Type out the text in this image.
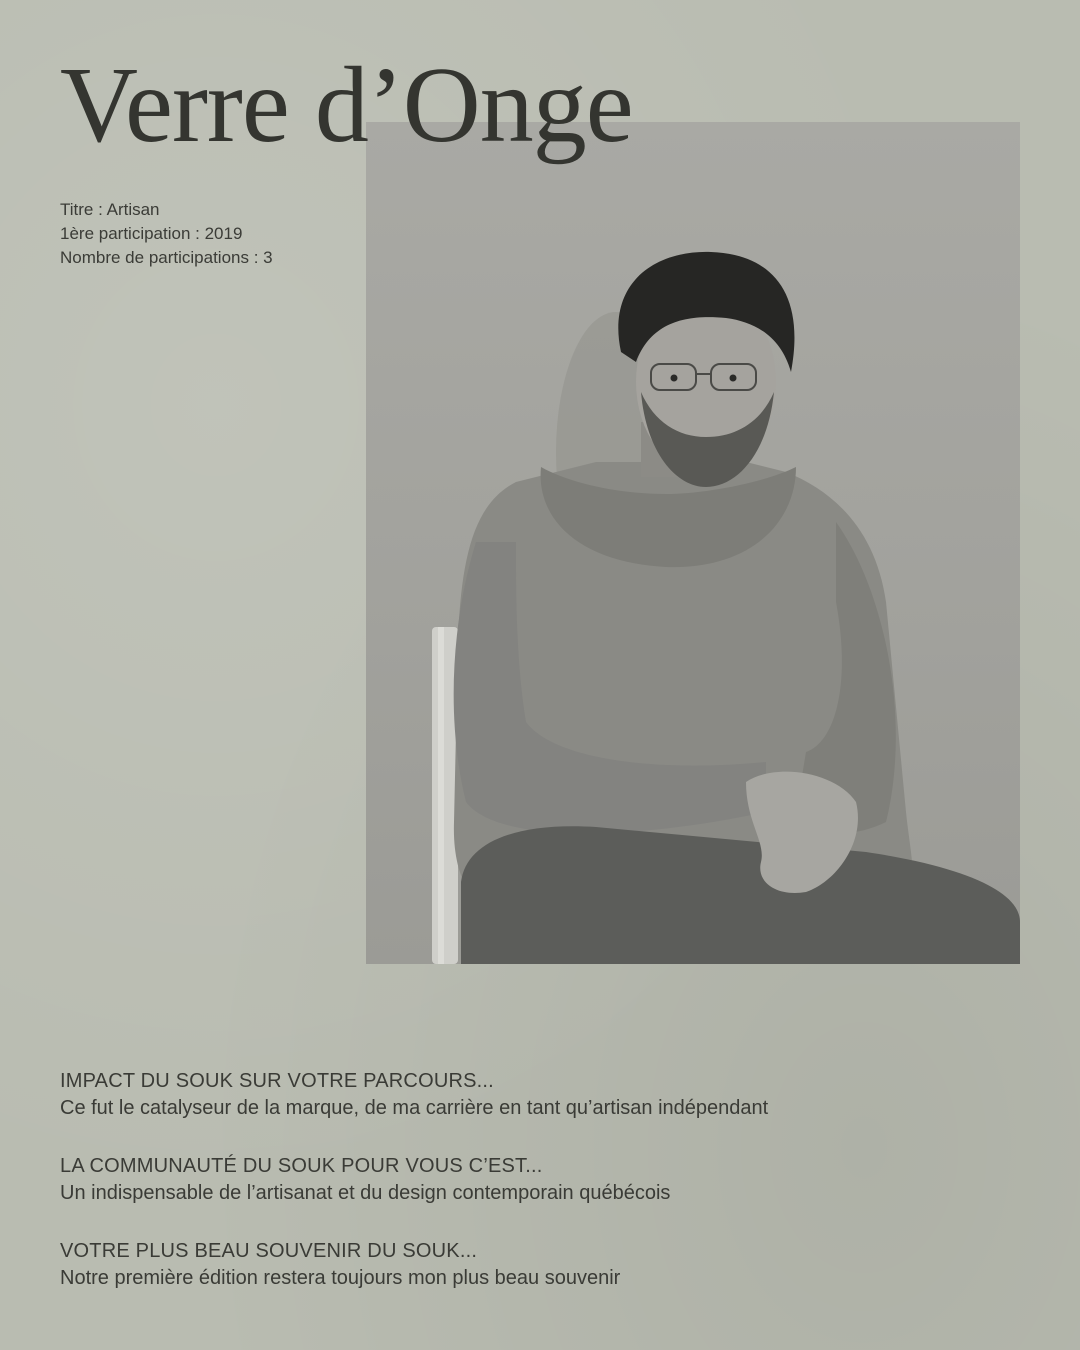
Verre d’Onge
Titre : Artisan
1ère participation : 2019
Nombre de participations : 3
IMPACT DU SOUK SUR VOTRE PARCOURS...
Ce fut le catalyseur de la marque, de ma carrière en tant qu’artisan indépendant
LA COMMUNAUTÉ DU SOUK POUR VOUS C’EST...
Un indispensable de l’artisanat et du design contemporain québécois
VOTRE PLUS BEAU SOUVENIR DU SOUK...
Notre première édition restera toujours mon plus beau souvenir
